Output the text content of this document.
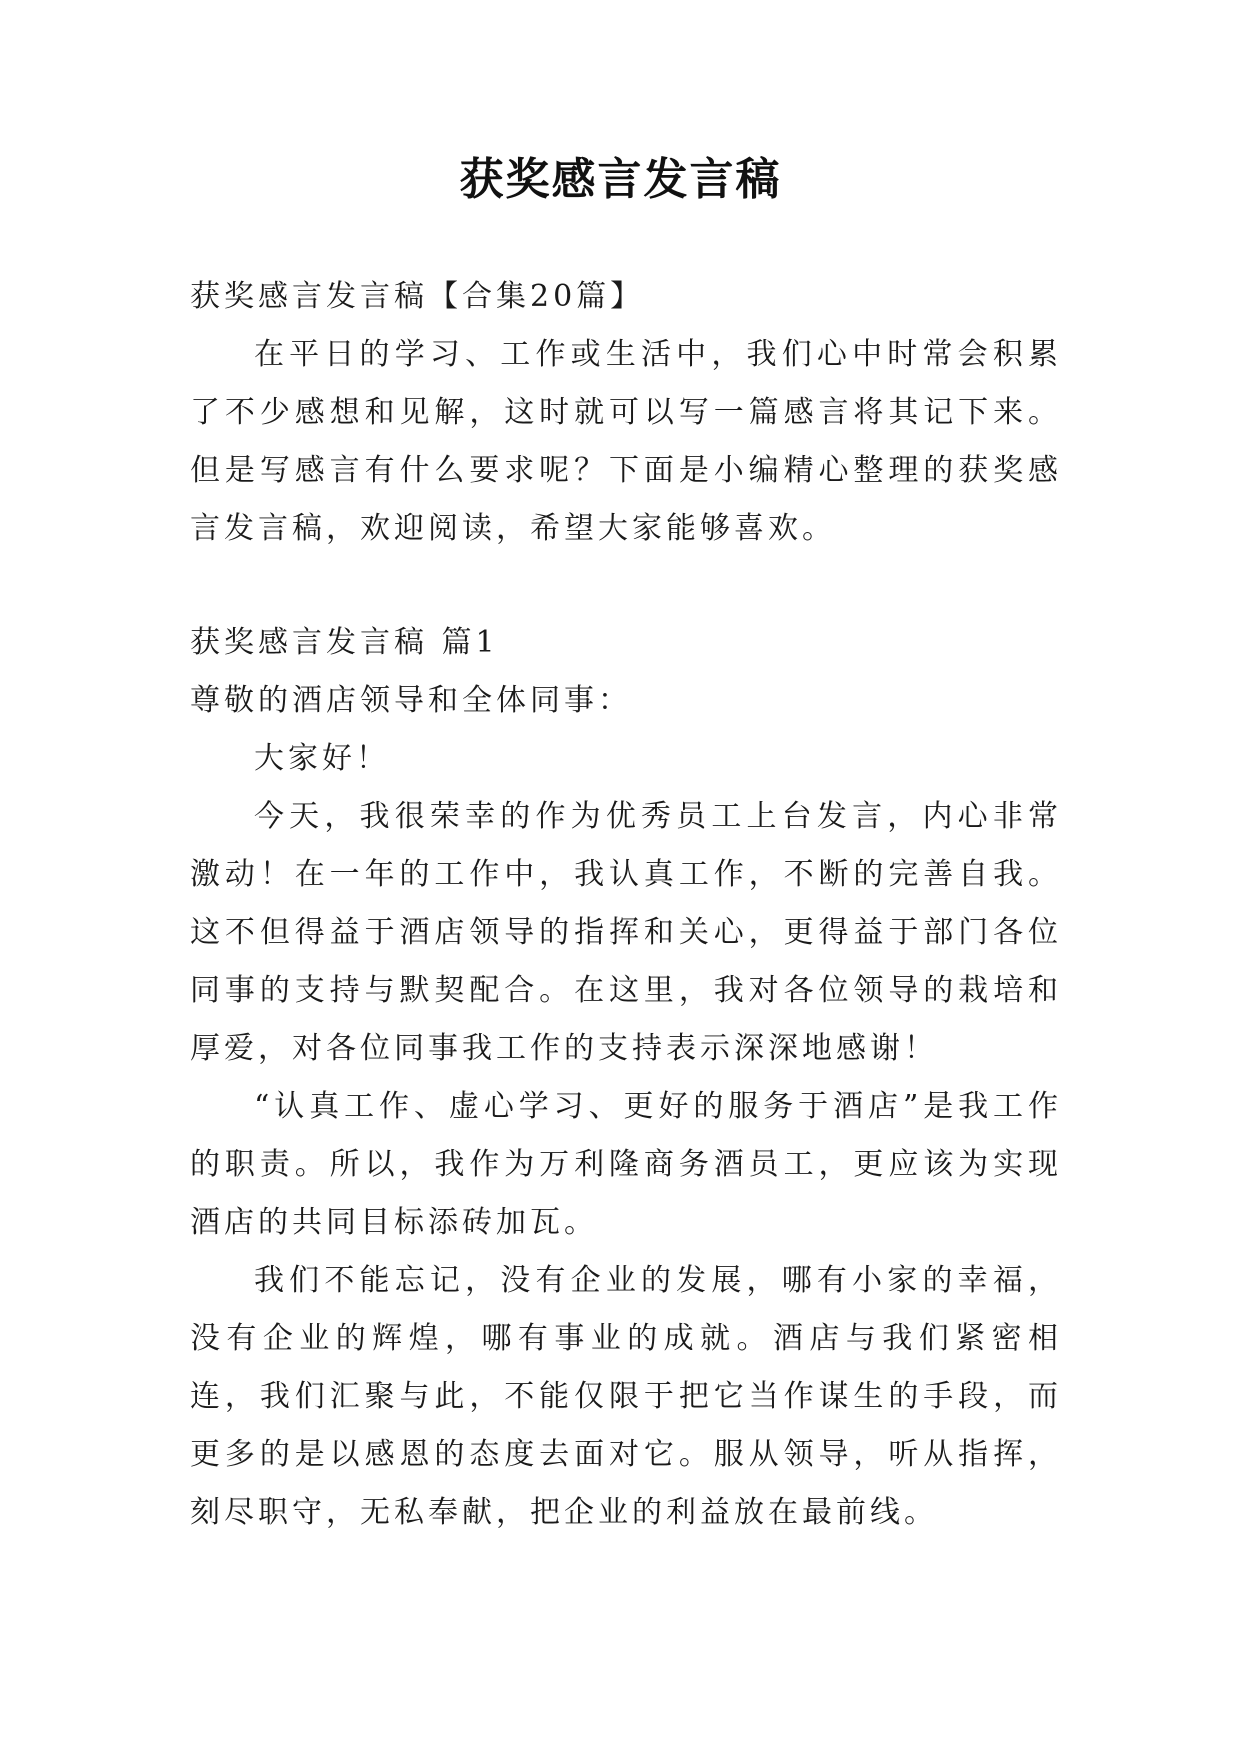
获奖感言发言稿

获奖感言发言稿【合集20篇】

在平日的学习、工作或生活中，我们心中时常会积累了不少感想和见解，这时就可以写一篇感言将其记下来。但是写感言有什么要求呢？下面是小编精心整理的获奖感言发言稿，欢迎阅读，希望大家能够喜欢。

获奖感言发言稿 篇1

尊敬的酒店领导和全体同事：

大家好！

今天，我很荣幸的作为优秀员工上台发言，内心非常激动！在一年的工作中，我认真工作，不断的完善自我。这不但得益于酒店领导的指挥和关心，更得益于部门各位同事的支持与默契配合。在这里，我对各位领导的栽培和厚爱，对各位同事我工作的支持表示深深地感谢！

“认真工作、虚心学习、更好的服务于酒店”是我工作的职责。所以，我作为万利隆商务酒员工，更应该为实现酒店的共同目标添砖加瓦。

我们不能忘记，没有企业的发展，哪有小家的幸福，没有企业的辉煌，哪有事业的成就。酒店与我们紧密相连，我们汇聚与此，不能仅限于把它当作谋生的手段，而更多的是以感恩的态度去面对它。服从领导，听从指挥，刻尽职守，无私奉献，把企业的利益放在最前线。
